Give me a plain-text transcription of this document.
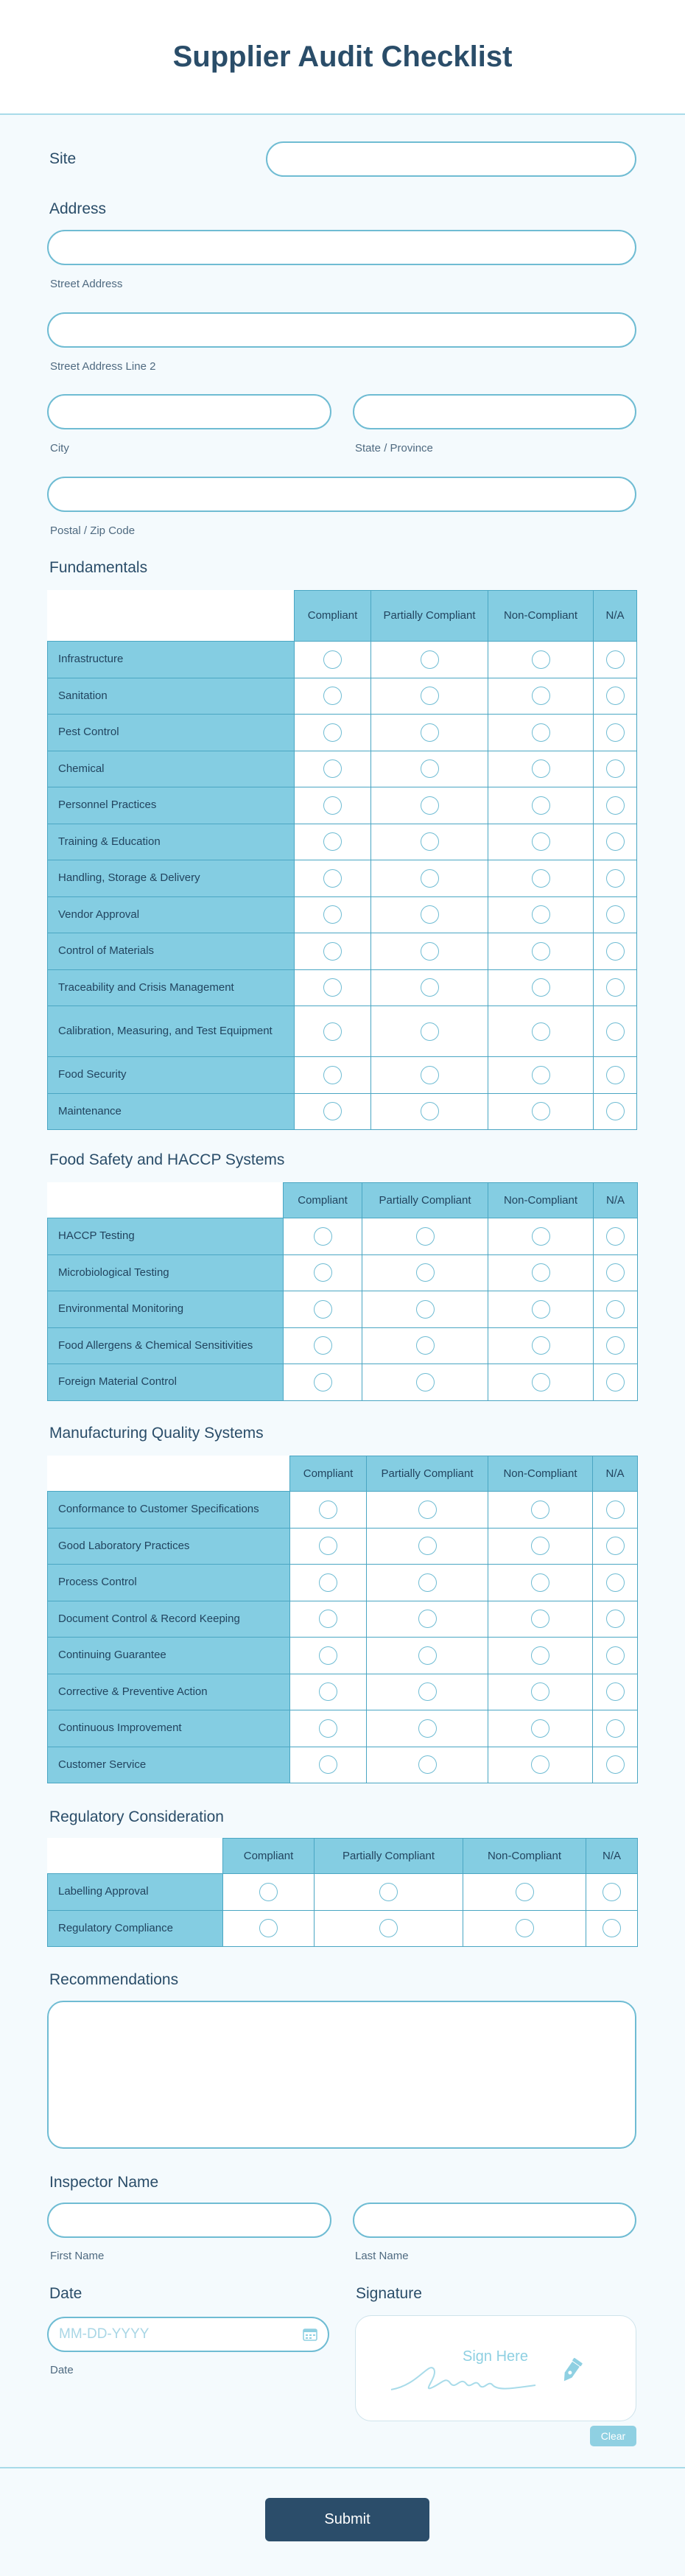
Supplier Audit Checklist
Site
Address
Street Address
Street Address Line 2
City	State / Province
Postal / Zip Code
Fundamentals
	Compliant	Partially Compliant	Non-Compliant	N/A
Infrastructure				
Sanitation				
Pest Control				
Chemical				
Personnel Practices				
Training & Education				
Handling, Storage & Delivery				
Vendor Approval				
Control of Materials				
Traceability and Crisis Management				
Calibration, Measuring, and Test Equipment				
Food Security				
Maintenance				
Food Safety and HACCP Systems
	Compliant	Partially Compliant	Non-Compliant	N/A
HACCP Testing				
Microbiological Testing				
Environmental Monitoring				
Food Allergens & Chemical Sensitivities				
Foreign Material Control				
Manufacturing Quality Systems
	Compliant	Partially Compliant	Non-Compliant	N/A
Conformance to Customer Specifications				
Good Laboratory Practices				
Process Control				
Document Control & Record Keeping				
Continuing Guarantee				
Corrective & Preventive Action				
Continuous Improvement				
Customer Service				
Regulatory Consideration
	Compliant	Partially Compliant	Non-Compliant	N/A
Labelling Approval				
Regulatory Compliance				
Recommendations
Inspector Name
First Name	Last Name
Date
MM-DD-YYYY
Date
Signature
Sign Here
Clear
Submit
